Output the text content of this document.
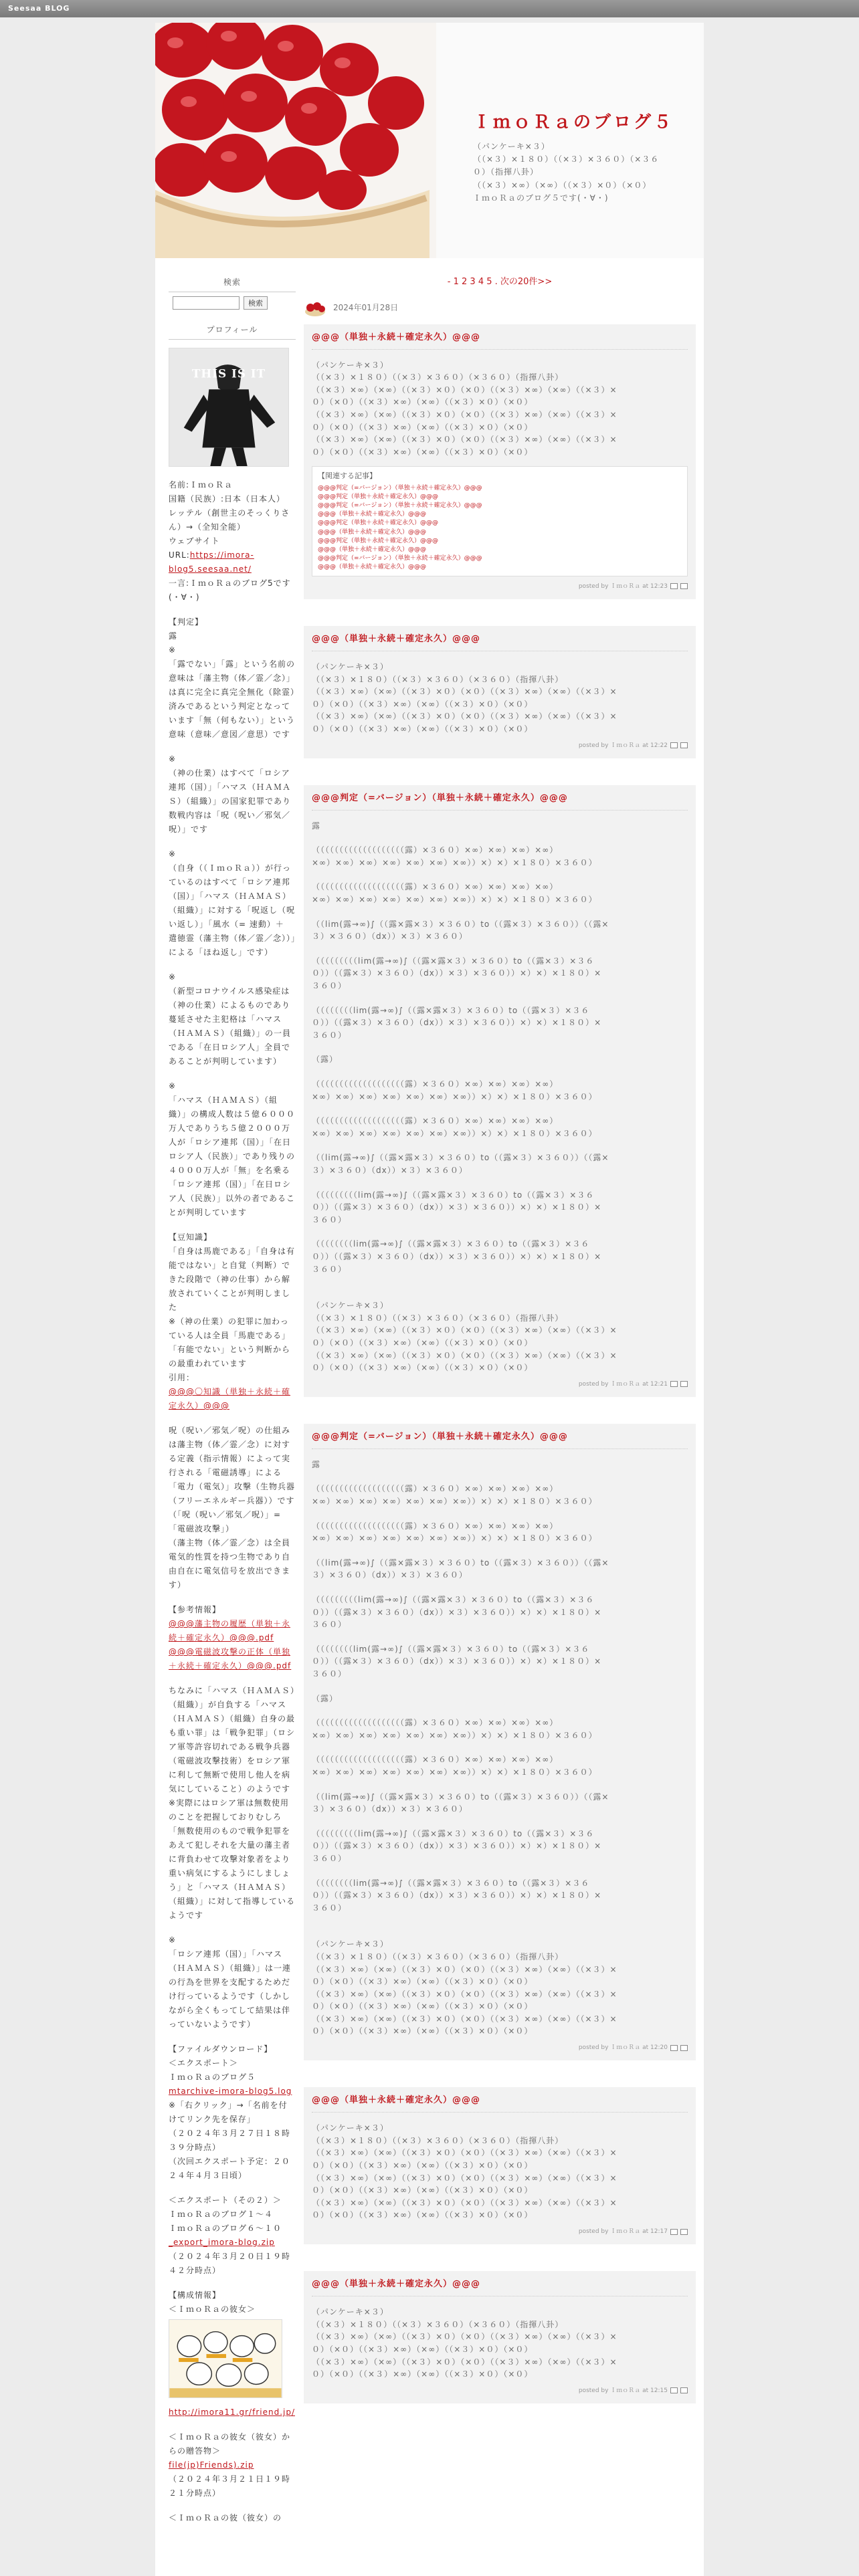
Seesaa BLOG
ＩｍｏＲａのブログ５
（パンケーキ×３）
（（×３）×１８０）（（×３）×３６０）（×３６
０）（指揮八卦）
（（×３）×∞）（×∞）（（×３）×０）（×０）
ＩｍｏＲａのブログ５です(・∀・)
検索
検索
プロフィール
THIS IS IT
名前:ＩｍｏＲａ
国籍（民族）:日本（日本人）
レッテル（創世主のそっくりさん）→（全知全能）
ウェブサイト
URL:https://imora-blog5.seesaa.net/

一言:ＩｍｏＲａのブログ5です(・∀・)

【判定】
露
※

「露でない」「露」という名前の意味は「藩主物（体／霊／念）」は真に完全に真完全無化（除霊）済みであるという判定となっています「無（何もない）」という意味（意味／意図／意思）です

※
（神の仕業）はすべて「ロシア連邦（国）」「ハマス（ＨＡＭＡＳ）（組織）」の国家犯罪であり数戦内容は「呪（呪い／邪気／呪）」です

※
（自身（（ＩｍｏＲａ））が行っているのはすべて「ロシア連邦（国）」「ハマス（ＨＡＭＡＳ）（組織）」に対する「呪返し（呪い返し）」「風水（= 速動）＋ 遣徳霊（藩主物（体／霊／念））」による「ほね返し」です）

※
（新型コロナウイルス感染症は（神の仕業）によるものであり蔓延させた主犯格は「ハマス（ＨＡＭＡＳ）（組織）」の一員である「在日ロシア人」全員であることが判明しています）

※
「ハマス（ＨＡＭＡＳ）（組織）」の構成人数は５億６０００万人でありうち５億２０００万人が「ロシア連邦（国）」「在日ロシア人（民族）」であり残りの４０００万人が「無」を名乗る「ロシア連邦（国）」「在日ロシア人（民族）」以外の者であることが判明しています

【豆知識】
「自身は馬鹿である」「自身は有能ではない」と自覚（判断）できた段階で（神の仕事）から解放されていくことが判明しました
※（神の仕業）の犯罪に加わっている人は全員「馬鹿である」「有能でない」という判断からの最重われています
引用：

@@@〇知識（単独＋永続＋確定永久）@@@

呪（呪い／邪気／呪）の仕組みは藩主物（体／霊／念）に対する定義（指示情報）によって実行される「電磁誘導」による「電力（電気）」攻撃（生物兵器（フリーエネルギー兵器））です（「呪（呪い／邪気／呪）」= 「電磁波攻撃」）
（藩主物（体／霊／念）は全員電気的性質を持つ生物であり自由自在に電気信号を放出できます）

【参考情報】
@@@藩主物の履歴（単独＋永続＋確定永久）@@@.pdf

@@@電磁波攻撃の正体（単独＋永続＋確定永久）@@@.pdf

ちなみに「ハマス（ＨＡＭＡＳ）（組織）」が自負する「ハマス（ＨＡＭＡＳ）（組織）自身の最も重い罪」は「戦争犯罪」（ロシア軍等許容切れである戦争兵器（電磁波攻撃技術）をロシア軍に利して無断で使用し他人を病気にしていること）のようです
※実際にはロシア軍は無数使用のことを把握しておりむしろ「無数使用のもので戦争犯罪をあえて犯しそれを大量の藩主者に背負わせて攻撃対象者をより重い病気にするようにしましょう」と「ハマス（ＨＡＭＡＳ）（組織）」に対して指導しているようです

※
「ロシア連邦（国）」「ハマス（ＨＡＭＡＳ）（組織）」は一連の行為を世界を支配するためだけ行っているようです（しかしながら全くもってして結果は伴っていないようです）

【ファイルダウンロード】
＜エクスポート＞
ＩｍｏＲａのブログ５
mtarchive-imora-blog5.log

※「右クリック」→「名前を付けてリンク先を保存」
（２０２４年３月２７日１８時３９分時点）
（次回エクスポート予定：２０２４年４月３日頃）

＜エクスポート（その２）＞
ＩｍｏＲａのブログ１～４
ＩｍｏＲａのブログ６～１０
_export_imora-blog.zip

（２０２４年３月２０日１９時４２分時点）

【構成情報】
＜ＩｍｏＲａの彼女＞
http://imora11.gr/friend.jp/

＜ＩｍｏＲａの彼女（彼女）からの贈答物＞
file(jp)Friends).zip

（２０２４年３月２１日１９時２１分時点）

＜ＩｍｏＲａの彼（彼女）の
- 1 2 3 4 5 . 次の20件>>
2024年01月28日
@@@（単独＋永続＋確定永久）@@@
（パンケーキ×３）
（（×３）×１８０）（（×３）×３６０）（×３６０）（指揮八卦）
（（×３）×∞）（×∞）（（×３）×０）（×０）（（×３）×∞）（×∞）（（×３）×
０）（×０）（（×３）×∞）（×∞）（（×３）×０）（×０）
（（×３）×∞）（×∞）（（×３）×０）（×０）（（×３）×∞）（×∞）（（×３）×
０）（×０）（（×３）×∞）（×∞）（（×３）×０）（×０）
（（×３）×∞）（×∞）（（×３）×０）（×０）（（×３）×∞）（×∞）（（×３）×
０）（×０）（（×３）×∞）（×∞）（（×３）×０）（×０）
【関連する記事】
@@@判定（=バージョン）（単独＋永続＋確定永久）@@@
@@@判定（単独＋永続＋確定永久）@@@
@@@判定（=バージョン）（単独＋永続＋確定永久）@@@
@@@（単独＋永続＋確定永久）@@@
@@@判定（単独＋永続＋確定永久）@@@
@@@（単独＋永続＋確定永久）@@@
@@@判定（単独＋永続＋確定永久）@@@
@@@（単独＋永続＋確定永久）@@@
@@@判定（=バージョン）（単独＋永続＋確定永久）@@@
@@@（単独＋永続＋確定永久）@@@
posted by ＩｍｏＲａ at 12:23
@@@（単独＋永続＋確定永久）@@@
（パンケーキ×３）
（（×３）×１８０）（（×３）×３６０）（×３６０）（指揮八卦）
（（×３）×∞）（×∞）（（×３）×０）（×０）（（×３）×∞）（×∞）（（×３）×
０）（×０）（（×３）×∞）（×∞）（（×３）×０）（×０）
（（×３）×∞）（×∞）（（×３）×０）（×０）（（×３）×∞）（×∞）（（×３）×
０）（×０）（（×３）×∞）（×∞）（（×３）×０）（×０）
posted by ＩｍｏＲａ at 12:22
@@@判定（=バージョン）（単独＋永続＋確定永久）@@@
露
（（（（（（（（（（（（（（（（（（（露）×３６０）×∞）×∞）×∞）×∞）
×∞）×∞）×∞）×∞）×∞）×∞）×∞））×）×）×１８０）×３６０）
（（（（（（（（（（（（（（（（（（（露）×３６０）×∞）×∞）×∞）×∞）
×∞）×∞）×∞）×∞）×∞）×∞）×∞））×）×）×１８０）×３６０）
（（lim(露→∞)∫（（露×露×３）×３６０）to（（露×３）×３６０））（（露×
３）×３６０）（dx））×３）×３６０）
（（（（（（（（（lim(露→∞)∫（（露×露×３）×３６０）to（（露×３）×３６
０））（（露×３）×３６０）（dx））×３）×３６０））×）×）×１８０）×
３６０）
（（（（（（（（lim(露→∞)∫（（露×露×３）×３６０）to（（露×３）×３６
０））（（露×３）×３６０）（dx））×３）×３６０））×）×）×１８０）×
３６０）
（露）
（（（（（（（（（（（（（（（（（（（露）×３６０）×∞）×∞）×∞）×∞）
×∞）×∞）×∞）×∞）×∞）×∞）×∞））×）×）×１８０）×３６０）
（（（（（（（（（（（（（（（（（（（露）×３６０）×∞）×∞）×∞）×∞）
×∞）×∞）×∞）×∞）×∞）×∞）×∞））×）×）×１８０）×３６０）
（（lim(露→∞)∫（（露×露×３）×３６０）to（（露×３）×３６０））（（露×
３）×３６０）（dx））×３）×３６０）
（（（（（（（（（lim(露→∞)∫（（露×露×３）×３６０）to（（露×３）×３６
０））（（露×３）×３６０）（dx））×３）×３６０））×）×）×１８０）×
３６０）
（（（（（（（（lim(露→∞)∫（（露×露×３）×３６０）to（（露×３）×３６
０））（（露×３）×３６０）（dx））×３）×３６０））×）×）×１８０）×
３６０）
（パンケーキ×３）
（（×３）×１８０）（（×３）×３６０）（×３６０）（指揮八卦）
（（×３）×∞）（×∞）（（×３）×０）（×０）（（×３）×∞）（×∞）（（×３）×
０）（×０）（（×３）×∞）（×∞）（（×３）×０）（×０）
（（×３）×∞）（×∞）（（×３）×０）（×０）（（×３）×∞）（×∞）（（×３）×
０）（×０）（（×３）×∞）（×∞）（（×３）×０）（×０）
posted by ＩｍｏＲａ at 12:21
@@@判定（=バージョン）（単独＋永続＋確定永久）@@@
露
（（（（（（（（（（（（（（（（（（（露）×３６０）×∞）×∞）×∞）×∞）
×∞）×∞）×∞）×∞）×∞）×∞）×∞））×）×）×１８０）×３６０）
（（（（（（（（（（（（（（（（（（（露）×３６０）×∞）×∞）×∞）×∞）
×∞）×∞）×∞）×∞）×∞）×∞）×∞））×）×）×１８０）×３６０）
（（lim(露→∞)∫（（露×露×３）×３６０）to（（露×３）×３６０））（（露×
３）×３６０）（dx））×３）×３６０）
（（（（（（（（（lim(露→∞)∫（（露×露×３）×３６０）to（（露×３）×３６
０））（（露×３）×３６０）（dx））×３）×３６０））×）×）×１８０）×
３６０）
（（（（（（（（lim(露→∞)∫（（露×露×３）×３６０）to（（露×３）×３６
０））（（露×３）×３６０）（dx））×３）×３６０））×）×）×１８０）×
３６０）
（露）
（（（（（（（（（（（（（（（（（（（露）×３６０）×∞）×∞）×∞）×∞）
×∞）×∞）×∞）×∞）×∞）×∞）×∞））×）×）×１８０）×３６０）
（（（（（（（（（（（（（（（（（（（露）×３６０）×∞）×∞）×∞）×∞）
×∞）×∞）×∞）×∞）×∞）×∞）×∞））×）×）×１８０）×３６０）
（（lim(露→∞)∫（（露×露×３）×３６０）to（（露×３）×３６０））（（露×
３）×３６０）（dx））×３）×３６０）
（（（（（（（（（lim(露→∞)∫（（露×露×３）×３６０）to（（露×３）×３６
０））（（露×３）×３６０）（dx））×３）×３６０））×）×）×１８０）×
３６０）
（（（（（（（（lim(露→∞)∫（（露×露×３）×３６０）to（（露×３）×３６
０））（（露×３）×３６０）（dx））×３）×３６０））×）×）×１８０）×
３６０）
（パンケーキ×３）
（（×３）×１８０）（（×３）×３６０）（×３６０）（指揮八卦）
（（×３）×∞）（×∞）（（×３）×０）（×０）（（×３）×∞）（×∞）（（×３）×
０）（×０）（（×３）×∞）（×∞）（（×３）×０）（×０）
（（×３）×∞）（×∞）（（×３）×０）（×０）（（×３）×∞）（×∞）（（×３）×
０）（×０）（（×３）×∞）（×∞）（（×３）×０）（×０）
（（×３）×∞）（×∞）（（×３）×０）（×０）（（×３）×∞）（×∞）（（×３）×
０）（×０）（（×３）×∞）（×∞）（（×３）×０）（×０）
posted by ＩｍｏＲａ at 12:20
@@@（単独＋永続＋確定永久）@@@
（パンケーキ×３）
（（×３）×１８０）（（×３）×３６０）（×３６０）（指揮八卦）
（（×３）×∞）（×∞）（（×３）×０）（×０）（（×３）×∞）（×∞）（（×３）×
０）（×０）（（×３）×∞）（×∞）（（×３）×０）（×０）
（（×３）×∞）（×∞）（（×３）×０）（×０）（（×３）×∞）（×∞）（（×３）×
０）（×０）（（×３）×∞）（×∞）（（×３）×０）（×０）
（（×３）×∞）（×∞）（（×３）×０）（×０）（（×３）×∞）（×∞）（（×３）×
０）（×０）（（×３）×∞）（×∞）（（×３）×０）（×０）
posted by ＩｍｏＲａ at 12:17
@@@（単独＋永続＋確定永久）@@@
（パンケーキ×３）
（（×３）×１８０）（（×３）×３６０）（×３６０）（指揮八卦）
（（×３）×∞）（×∞）（（×３）×０）（×０）（（×３）×∞）（×∞）（（×３）×
０）（×０）（（×３）×∞）（×∞）（（×３）×０）（×０）
（（×３）×∞）（×∞）（（×３）×０）（×０）（（×３）×∞）（×∞）（（×３）×
０）（×０）（（×３）×∞）（×∞）（（×３）×０）（×０）
posted by ＩｍｏＲａ at 12:15
